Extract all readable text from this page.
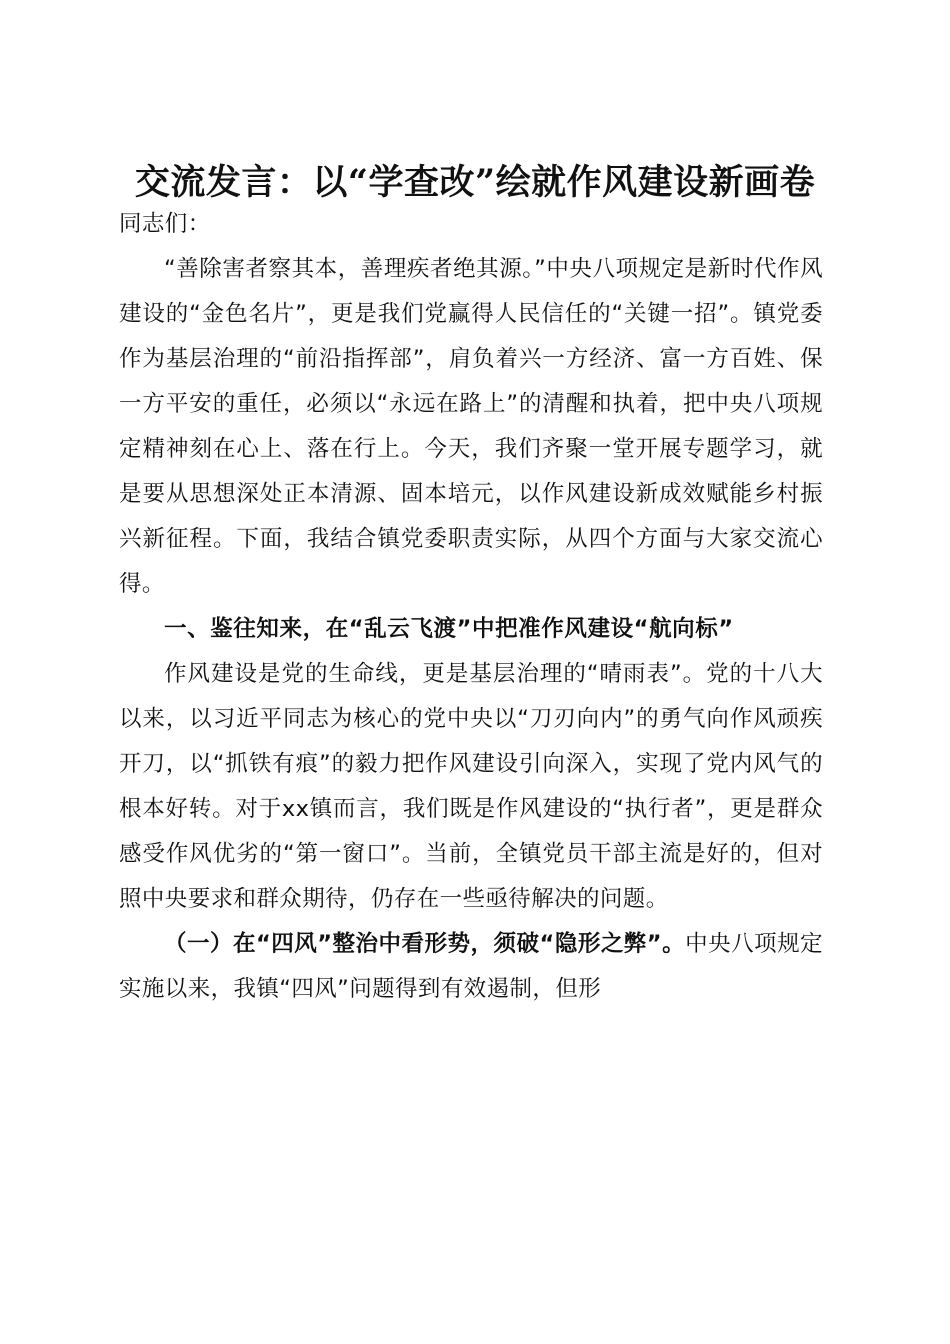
交流发言：以“学查改”绘就作风建设新画卷

同志们：

“善除害者察其本，善理疾者绝其源。”中央八项规定是新时代作风建设的“金色名片”，更是我们党赢得人民信任的“关键一招”。镇党委作为基层治理的“前沿指挥部”，肩负着兴一方经济、富一方百姓、保一方平安的重任，必须以“永远在路上”的清醒和执着，把中央八项规定精神刻在心上、落在行上。今天，我们齐聚一堂开展专题学习，就是要从思想深处正本清源、固本培元，以作风建设新成效赋能乡村振兴新征程。下面，我结合镇党委职责实际，从四个方面与大家交流心得。

一、鉴往知来，在“乱云飞渡”中把准作风建设“航向标”

作风建设是党的生命线，更是基层治理的“晴雨表”。党的十八大以来，以习近平同志为核心的党中央以“刀刃向内”的勇气向作风顽疾开刀，以“抓铁有痕”的毅力把作风建设引向深入，实现了党内风气的根本好转。对于xx镇而言，我们既是作风建设的“执行者”，更是群众感受作风优劣的“第一窗口”。当前，全镇党员干部主流是好的，但对照中央要求和群众期待，仍存在一些亟待解决的问题。

（一）在“四风”整治中看形势，须破“隐形之弊”。中央八项规定实施以来，我镇“四风”问题得到有效遏制，但形
